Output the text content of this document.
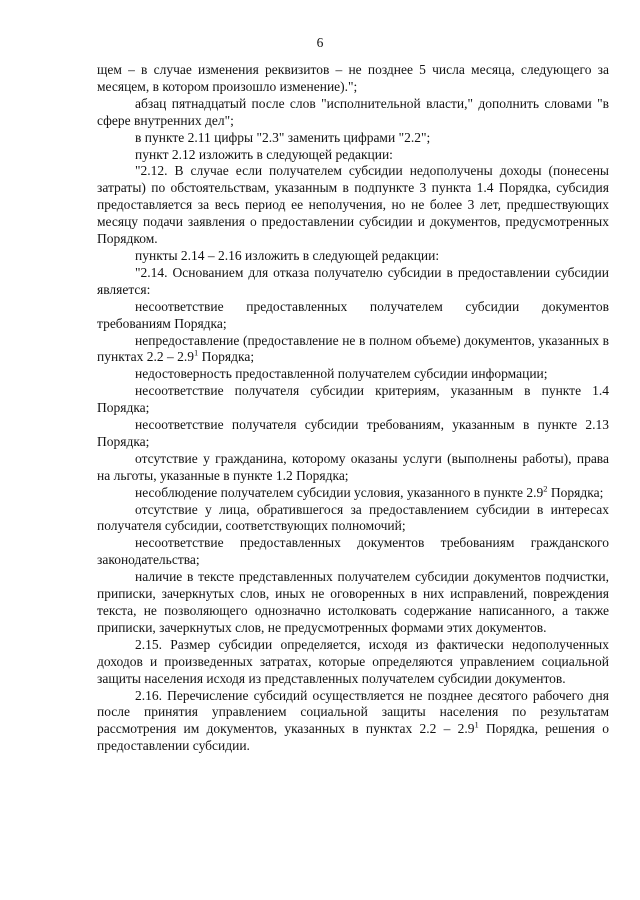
6

щем – в случае изменения реквизитов – не позднее 5 числа месяца, следующего за месяцем, в котором произошло изменение).";

абзац пятнадцатый после слов "исполнительной власти," дополнить словами "в сфере внутренних дел";

в пункте 2.11 цифры "2.3" заменить цифрами "2.2";

пункт 2.12 изложить в следующей редакции:

"2.12. В случае если получателем субсидии недополучены доходы (понесены затраты) по обстоятельствам, указанным в подпункте 3 пункта 1.4 Порядка, субсидия предоставляется за весь период ее неполучения, но не более 3 лет, предшествующих месяцу подачи заявления о предоставлении субсидии и документов, предусмотренных Порядком.

пункты 2.14 – 2.16 изложить в следующей редакции:

"2.14. Основанием для отказа получателю субсидии в предоставлении субсидии является:

несоответствие предоставленных получателем субсидии документов требованиям Порядка;

непредоставление (предоставление не в полном объеме) документов, указанных в пунктах $2.2 - 2.9^1$ Порядка;

недостоверность предоставленной получателем субсидии информации;

несоответствие получателя субсидии критериям, указанным в пункте 1.4 Порядка;

несоответствие получателя субсидии требованиям, указанным в пункте 2.13 Порядка;

отсутствие у гражданина, которому оказаны услуги (выполнены работы), права на льготы, указанные в пункте 1.2 Порядка;

несоблюдение получателем субсидии условия, указанного в пункте $2.9^2$ Порядка;

отсутствие у лица, обратившегося за предоставлением субсидии в интересах получателя субсидии, соответствующих полномочий;

несоответствие предоставленных документов требованиям гражданского законодательства;

наличие в тексте представленных получателем субсидии документов подчистки, приписки, зачеркнутых слов, иных не оговоренных в них исправлений, повреждения текста, не позволяющего однозначно истолковать содержание написанного, а также приписки, зачеркнутых слов, не предусмотренных формами этих документов.

2.15. Размер субсидии определяется, исходя из фактически недополученных доходов и произведенных затратах, которые определяются управлением социальной защиты населения исходя из представленных получателем субсидии документов.

2.16. Перечисление субсидий осуществляется не позднее десятого рабочего дня после принятия управлением социальной защиты населения по результатам рассмотрения им документов, указанных в пунктах $2.2 - 2.9^1$ Порядка, решения о предоставлении субсидии.
